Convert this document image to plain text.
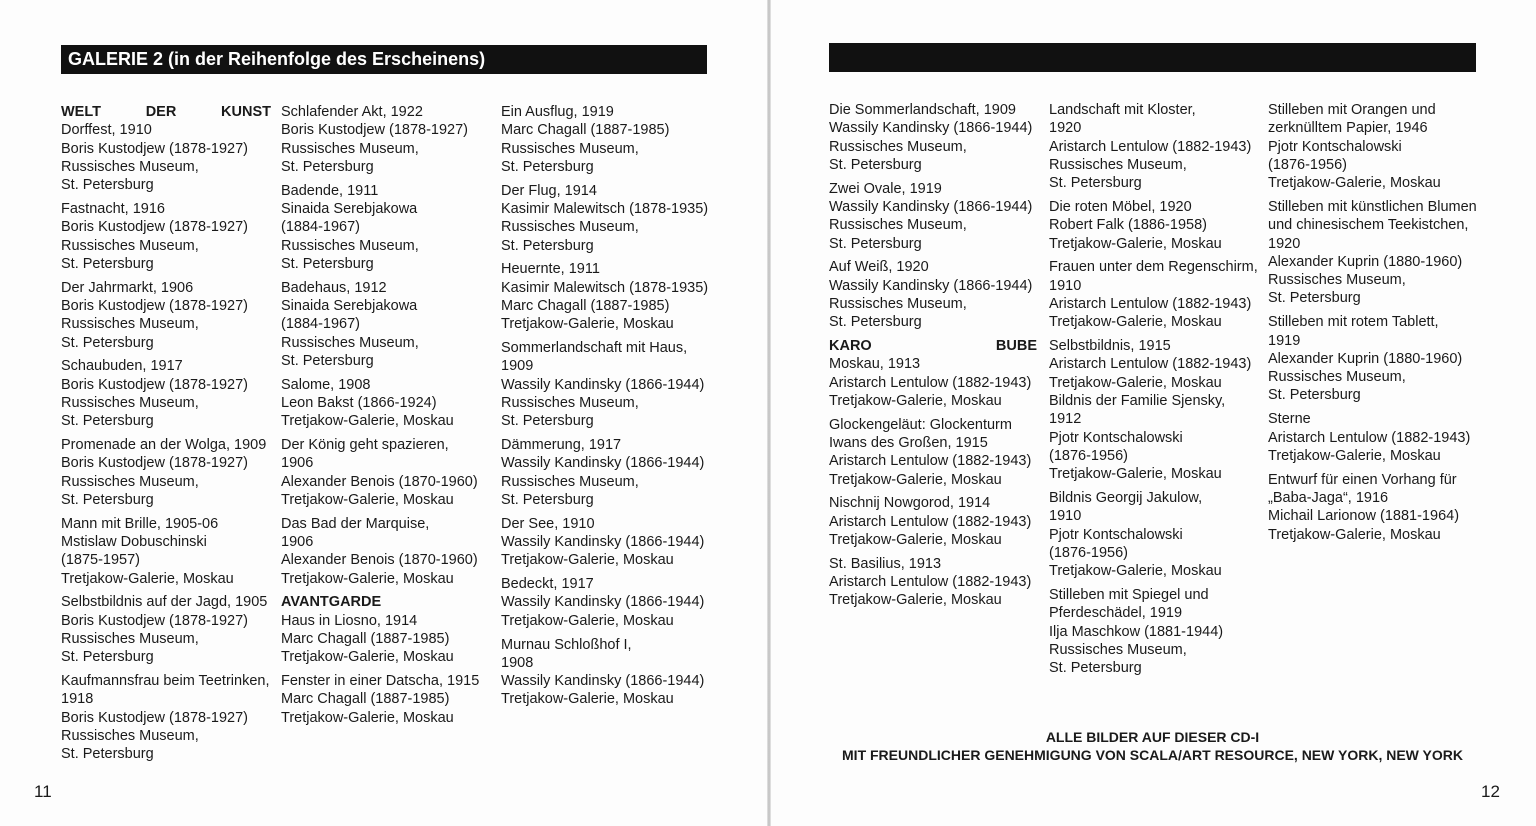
GALERIE 2 (in der Reihenfolge des Erscheinens)
WELT	DER	KUNST
Dorffest, 1910
Boris Kustodjew (1878-1927)
Russisches Museum,
St. Petersburg
Fastnacht, 1916
Boris Kustodjew (1878-1927)
Russisches Museum,
St. Petersburg
Der Jahrmarkt, 1906
Boris Kustodjew (1878-1927)
Russisches Museum,
St. Petersburg
Schaubuden, 1917
Boris Kustodjew (1878-1927)
Russisches Museum,
St. Petersburg
Promenade an der Wolga, 1909
Boris Kustodjew (1878-1927)
Russisches Museum,
St. Petersburg
Mann mit Brille, 1905-06
Mstislaw Dobuschinski
(1875-1957)
Tretjakow-Galerie, Moskau
Selbstbildnis auf der Jagd, 1905
Boris Kustodjew (1878-1927)
Russisches Museum,
St. Petersburg
Kaufmannsfrau beim Teetrinken,
1918
Boris Kustodjew (1878-1927)
Russisches Museum,
St. Petersburg
Schlafender Akt, 1922
Boris Kustodjew (1878-1927)
Russisches Museum,
St. Petersburg
Badende, 1911
Sinaida Serebjakowa
(1884-1967)
Russisches Museum,
St. Petersburg
Badehaus, 1912
Sinaida Serebjakowa
(1884-1967)
Russisches Museum,
St. Petersburg
Salome, 1908
Leon Bakst (1866-1924)
Tretjakow-Galerie, Moskau
Der König geht spazieren,
1906
Alexander Benois (1870-1960)
Tretjakow-Galerie, Moskau
Das Bad der Marquise,
1906
Alexander Benois (1870-1960)
Tretjakow-Galerie, Moskau
AVANTGARDE
Haus in Liosno, 1914
Marc Chagall (1887-1985)
Tretjakow-Galerie, Moskau
Fenster in einer Datscha, 1915
Marc Chagall (1887-1985)
Tretjakow-Galerie, Moskau
Ein Ausflug, 1919
Marc Chagall (1887-1985)
Russisches Museum,
St. Petersburg
Der Flug, 1914
Kasimir Malewitsch (1878-1935)
Russisches Museum,
St. Petersburg
Heuernte, 1911
Kasimir Malewitsch (1878-1935)
Marc Chagall (1887-1985)
Tretjakow-Galerie, Moskau
Sommerlandschaft mit Haus,
1909
Wassily Kandinsky (1866-1944)
Russisches Museum,
St. Petersburg
Dämmerung, 1917
Wassily Kandinsky (1866-1944)
Russisches Museum,
St. Petersburg
Der See, 1910
Wassily Kandinsky (1866-1944)
Tretjakow-Galerie, Moskau
Bedeckt, 1917
Wassily Kandinsky (1866-1944)
Tretjakow-Galerie, Moskau
Murnau Schloßhof I,
1908
Wassily Kandinsky (1866-1944)
Tretjakow-Galerie, Moskau
Die Sommerlandschaft, 1909
Wassily Kandinsky (1866-1944)
Russisches Museum,
St. Petersburg
Zwei Ovale, 1919
Wassily Kandinsky (1866-1944)
Russisches Museum,
St. Petersburg
Auf Weiß, 1920
Wassily Kandinsky (1866-1944)
Russisches Museum,
St. Petersburg
KARO	BUBE
Moskau, 1913
Aristarch Lentulow (1882-1943)
Tretjakow-Galerie, Moskau
Glockengeläut: Glockenturm
Iwans des Großen, 1915
Aristarch Lentulow (1882-1943)
Tretjakow-Galerie, Moskau
Nischnij Nowgorod, 1914
Aristarch Lentulow (1882-1943)
Tretjakow-Galerie, Moskau
St. Basilius, 1913
Aristarch Lentulow (1882-1943)
Tretjakow-Galerie, Moskau
Landschaft mit Kloster,
1920
Aristarch Lentulow (1882-1943)
Russisches Museum,
St. Petersburg
Die roten Möbel, 1920
Robert Falk (1886-1958)
Tretjakow-Galerie, Moskau
Frauen unter dem Regenschirm,
1910
Aristarch Lentulow (1882-1943)
Tretjakow-Galerie, Moskau
Selbstbildnis, 1915
Aristarch Lentulow (1882-1943)
Tretjakow-Galerie, Moskau
Bildnis der Familie Sjensky,
1912
Pjotr Kontschalowski
(1876-1956)
Tretjakow-Galerie, Moskau
Bildnis Georgij Jakulow,
1910
Pjotr Kontschalowski
(1876-1956)
Tretjakow-Galerie, Moskau
Stilleben mit Spiegel und
Pferdeschädel, 1919
Ilja Maschkow (1881-1944)
Russisches Museum,
St. Petersburg
Stilleben mit Orangen und
zerknülltem Papier, 1946
Pjotr Kontschalowski
(1876-1956)
Tretjakow-Galerie, Moskau
Stilleben mit künstlichen Blumen
und chinesischem Teekistchen,
1920
Alexander Kuprin (1880-1960)
Russisches Museum,
St. Petersburg
Stilleben mit rotem Tablett,
1919
Alexander Kuprin (1880-1960)
Russisches Museum,
St. Petersburg
Sterne
Aristarch Lentulow (1882-1943)
Tretjakow-Galerie, Moskau
Entwurf für einen Vorhang für
„Baba-Jaga“, 1916
Michail Larionow (1881-1964)
Tretjakow-Galerie, Moskau
ALLE BILDER AUF DIESER CD-I
MIT FREUNDLICHER GENEHMIGUNG VON SCALA/ART RESOURCE, NEW YORK, NEW YORK
11	12
